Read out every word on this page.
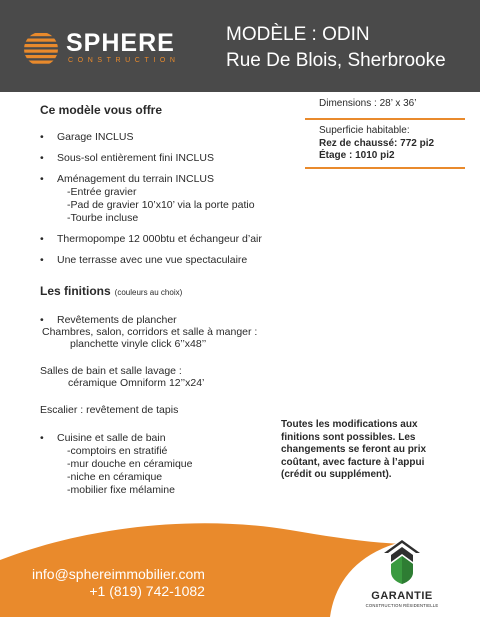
SPHERE
CONSTRUCTION
MODÈLE : ODIN
Rue De Blois, Sherbrooke
Ce modèle vous offre
• Garage INCLUS
• Sous-sol entièrement fini INCLUS
• Aménagement du terrain INCLUS
-Entrée gravier
-Pad de gravier 10’x10’ via la porte patio
-Tourbe incluse
• Thermopompe 12 000btu et échangeur d’air
• Une terrasse avec une vue spectaculaire
Dimensions : 28’ x 36’
Superficie habitable:
Rez de chaussé: 772 pi2
Étage : 1010 pi2
Les finitions (couleurs au choix)
• Revêtements de plancher
Chambres, salon, corridors et salle à manger :
planchette vinyle click 6’’x48’’
Salles de bain et salle lavage :
céramique Omniform 12’’x24’
Escalier : revêtement de tapis
• Cuisine et salle de bain
-comptoirs en stratifié
-mur douche en céramique
-niche en céramique
-mobilier fixe mélamine
Toutes les modifications aux finitions sont possibles. Les changements se feront au prix coûtant, avec facture à l’appui (crédit ou supplément).
info@sphereimmobilier.com
+1 (819) 742-1082	GARANTIE
CONSTRUCTION RÉSIDENTIELLE
